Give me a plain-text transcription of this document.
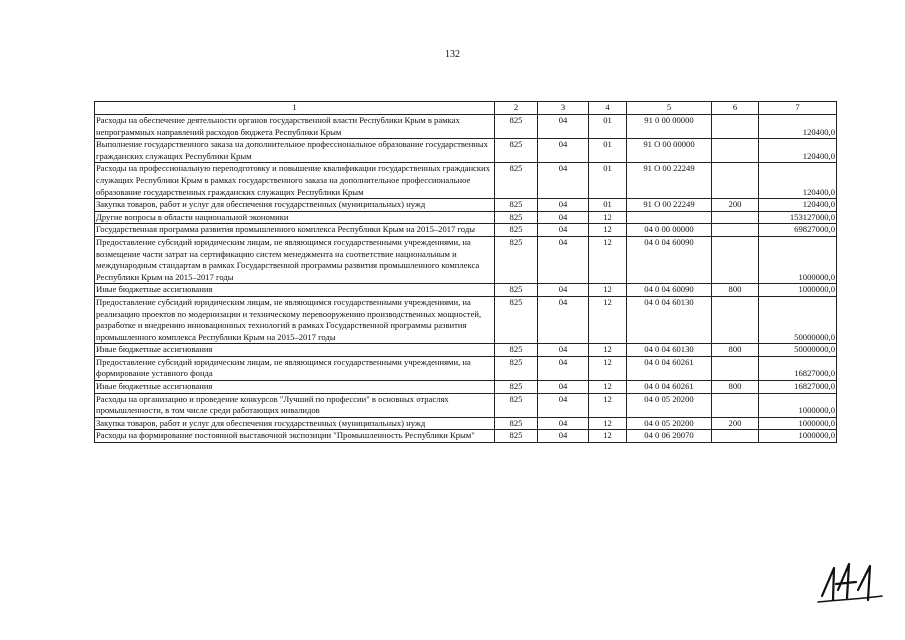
132
1	2	3	4	5	6	7
Расходы на обеспечение деятельности органов государственной власти Республики Крым в рамках непрограммных направлений расходов бюджета Республики Крым	825	04	01	91 0 00 00000		120400,0
Выполнение государственного заказа на дополнительное профессиональное образование государственных гражданских служащих Республики Крым	825	04	01	91 О 00 00000		120400,0
Расходы на профессиональную переподготовку и повышение квалификации государственных гражданских служащих Республики Крым в рамках государственного заказа на дополнительное профессиональное образование государственных гражданских служащих Республики Крым	825	04	01	91 О 00 22249		120400,0
Закупка товаров, работ и услуг для обеспечения государственных (муниципальных) нужд	825	04	01	91 О 00 22249	200	120400,0
Другие вопросы в области национальной экономики	825	04	12			153127000,0
Государственная программа развития промышленного комплекса Республики Крым на 2015–2017 годы	825	04	12	04 0 00 00000		69827000,0
Предоставление субсидий юридическим лицам, не являющимся государственными учреждениями, на возмещение части затрат на сертификацию систем менеджмента на соответствие национальным и международным стандартам в рамках Государственной программы развития промышленного комплекса Республики Крым на 2015–2017 годы	825	04	12	04 0 04 60090		1000000,0
Иные бюджетные ассигнования	825	04	12	04 0 04 60090	800	1000000,0
Предоставление субсидий юридическим лицам, не являющимся государственными учреждениями, на реализацию проектов по модернизации и техническому перевооружению производственных мощностей, разработке и внедрению инновационных технологий в рамках Государственной программы развития промышленного комплекса Республики Крым на 2015–2017 годы	825	04	12	04 0 04 60130		50000000,0
Иные бюджетные ассигнования	825	04	12	04 0 04 60130	800	50000000,0
Предоставление субсидий юридическим лицам, не являющимся государственными учреждениями, на формирование уставного фонда	825	04	12	04 0 04 60261		16827000,0
Иные бюджетные ассигнования	825	04	12	04 0 04 60261	800	16827000,0
Расходы на организацию и проведение конкурсов "Лучший по профессии" в основных отраслях промышленности, в том числе среди работающих инвалидов	825	04	12	04 0 05 20200		1000000,0
Закупка товаров, работ и услуг для обеспечения государственных (муниципальных) нужд	825	04	12	04 0 05 20200	200	1000000,0
Расходы на формирование постоянной выставочной экспозиции "Промышленность Республики Крым"	825	04	12	04 0 06 20070		1000000,0
